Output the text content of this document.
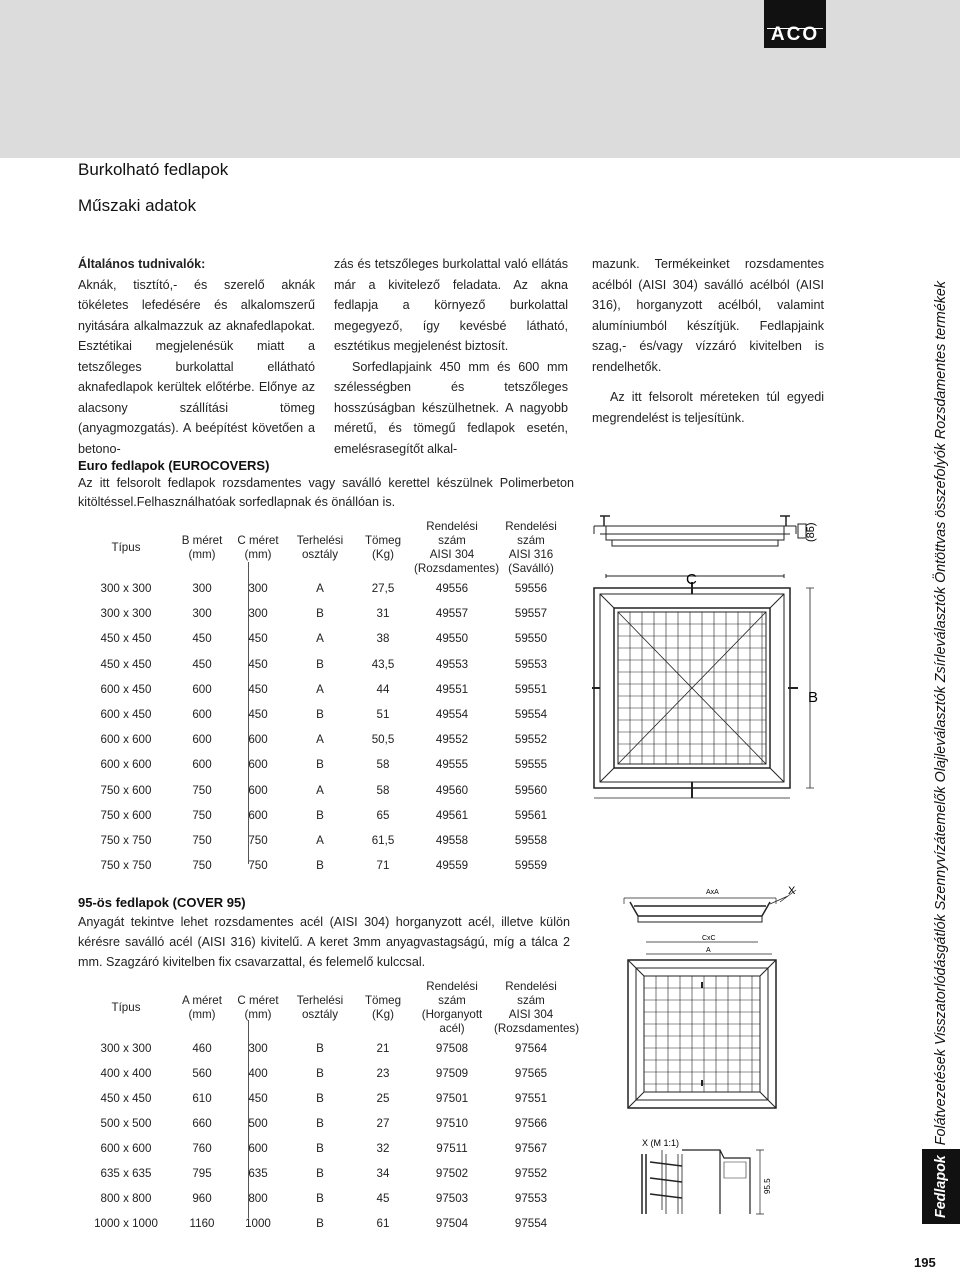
ACO
Fedlapok Folátvezetések Visszatorlódásgátlók Szennyvízátemelők Olajleválasztók Zsírleválasztók Öntöttvas összefolyók Rozsdamentes termékek
Burkolható fedlapok
Műszaki adatok
Általános tudnivalók:
Aknák, tisztító,- és szerelő aknák tökéletes lefedésére és alkalomszerű nyitására alkalmazzuk az aknafedlapokat. Esztétikai megjelenésük miatt a tetszőleges burkolattal ellátható aknafedlapok kerültek előtérbe. Előnye az alacsony szállítási tömeg (anyagmozgatás). A beépítést követően a betono-
zás és tetszőleges burkolattal való ellátás már a kivitelező feladata. Az akna fedlapja a környező burkolattal megegyező, így kevésbé látható, esztétikus megjelenést biztosít.
Sorfedlapjaink 450 mm és 600 mm szélességben és tetszőleges hosszúságban készülhetnek. A nagyobb méretű, és tömegű fedlapok esetén, emelésrasegítőt alkal-
mazunk. Termékeinket rozsdamentes acélból (AISI 304) saválló acélból (AISI 316), horganyzott acélból, valamint alumíniumból készítjük. Fedlapjaink szag,- és/vagy vízzáró kivitelben is rendelhetők.
Az itt felsorolt méreteken túl egyedi megrendelést is teljesítünk.
Euro fedlapok (EUROCOVERS)
Az itt felsorolt fedlapok rozsdamentes vagy saválló kerettel készülnek Polimerbeton kitöltéssel.Felhasználhatóak sorfedlapnak és önállóan is.
Típus	B méret
(mm)	C méret
(mm)	Terhelési
osztály	Tömeg
(Kg)	Rendelési szám
AISI 304
(Rozsdamentes)	Rendelési szám
AISI 316
(Saválló)
300 x 300	300	300	A	27,5	49556	59556
300 x 300	300	300	B	31	49557	59557
450 x 450	450	450	A	38	49550	59550
450 x 450	450	450	B	43,5	49553	59553
600 x 450	600	450	A	44	49551	59551
600 x 450	600	450	B	51	49554	59554
600 x 600	600	600	A	50,5	49552	59552
600 x 600	600	600	B	58	49555	59555
750 x 600	750	600	A	58	49560	59560
750 x 600	750	600	B	65	49561	59561
750 x 750	750	750	A	61,5	49558	59558
750 x 750	750	750	B	71	49559	59559
95-ös fedlapok (COVER 95)
Anyagát tekintve lehet rozsdamentes acél (AISI 304) horganyzott acél, illetve külön kérésre saválló acél (AISI 316) kivitelű. A keret 3mm anyagvastagságú, míg a tálca 2 mm. Szagzáró kivitelben fix csavarzattal, és felemelő kulccsal.
Típus	A méret
(mm)	C méret
(mm)	Terhelési
osztály	Tömeg
(Kg)	Rendelési szám
(Horganyott
acél)	Rendelési szám
AISI 304
(Rozsdamentes)
300 x 300	460	300	B	21	97508	97564
400 x 400	560	400	B	23	97509	97565
450 x 450	610	450	B	25	97501	97551
500 x 500	660	500	B	27	97510	97566
600 x 600	760	600	B	32	97511	97567
635 x 635	795	635	B	34	97502	97552
800 x 800	960	800	B	45	97503	97553
1000 x 1000	1160	1000	B	61	97504	97554
(85)
C
B
AxA	X
CxC
A
X (M 1:1)
95.5
195
